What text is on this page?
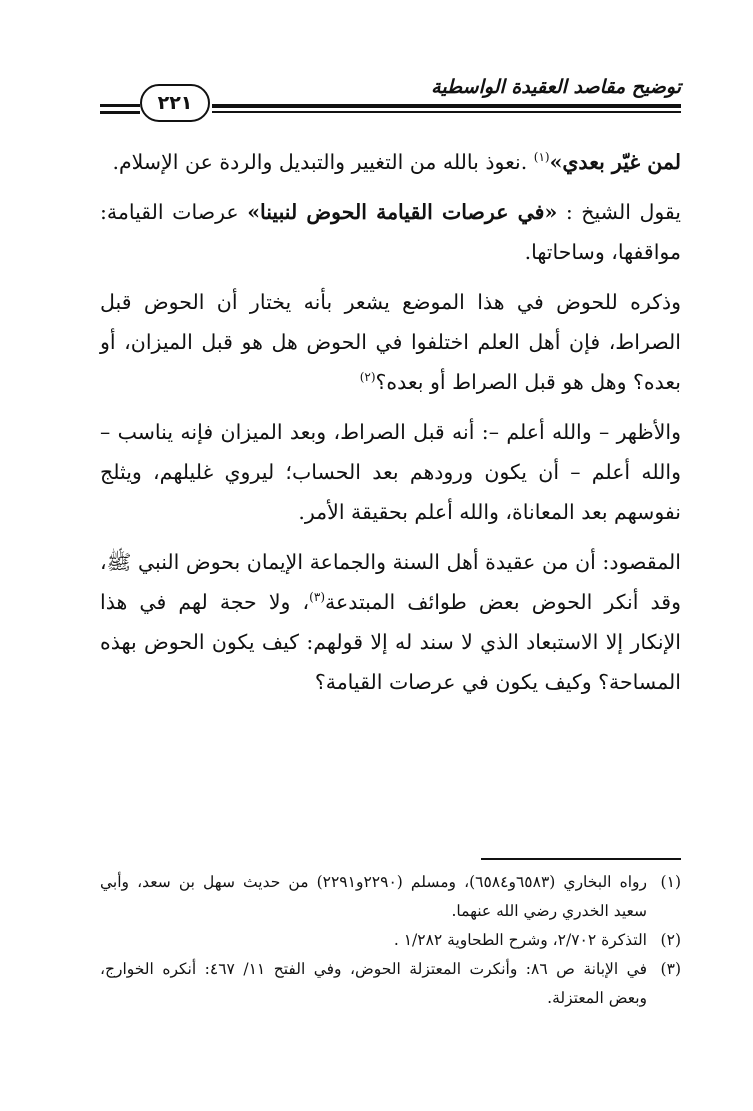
توضيح مقاصد العقيدة الواسطية
٢٢١

لمن غيّر بعدي»$^{(١)}$ .نعوذ بالله من التغيير والتبديل والردة عن الإسلام.

يقول الشيخ : «في عرصات القيامة الحوض لنبينا» عرصات القيامة: مواقفها، وساحاتها.

وذكره للحوض في هذا الموضع يشعر بأنه يختار أن الحوض قبل الصراط، فإن أهل العلم اختلفوا في الحوض هل هو قبل الميزان، أو بعده؟ وهل هو قبل الصراط أو بعده؟$^{(٢)}$

والأظهر – والله أعلم –: أنه قبل الصراط، وبعد الميزان فإنه يناسب – والله أعلم – أن يكون ورودهم بعد الحساب؛ ليروي غليلهم، ويثلج نفوسهم بعد المعاناة، والله أعلم بحقيقة الأمر.

المقصود: أن من عقيدة أهل السنة والجماعة الإيمان بحوض النبي ﷺ، وقد أنكر الحوض بعض طوائف المبتدعة$^{(٣)}$، ولا حجة لهم في هذا الإنكار إلا الاستبعاد الذي لا سند له إلا قولهم: كيف يكون الحوض بهذه المساحة؟ وكيف يكون في عرصات القيامة؟

(١)
رواه البخاري (٦٥٨٣و٦٥٨٤)، ومسلم (٢٢٩٠و٢٢٩١) من حديث سهل بن سعد، وأبي سعيد الخدري رضي الله عنهما.
(٢)
التذكرة ٢/٧٠٢، وشرح الطحاوية ١/٢٨٢ .
(٣)
في الإبانة ص ٨٦: وأنكرت المعتزلة الحوض، وفي الفتح ١١/ ٤٦٧: أنكره الخوارج، وبعض المعتزلة.
